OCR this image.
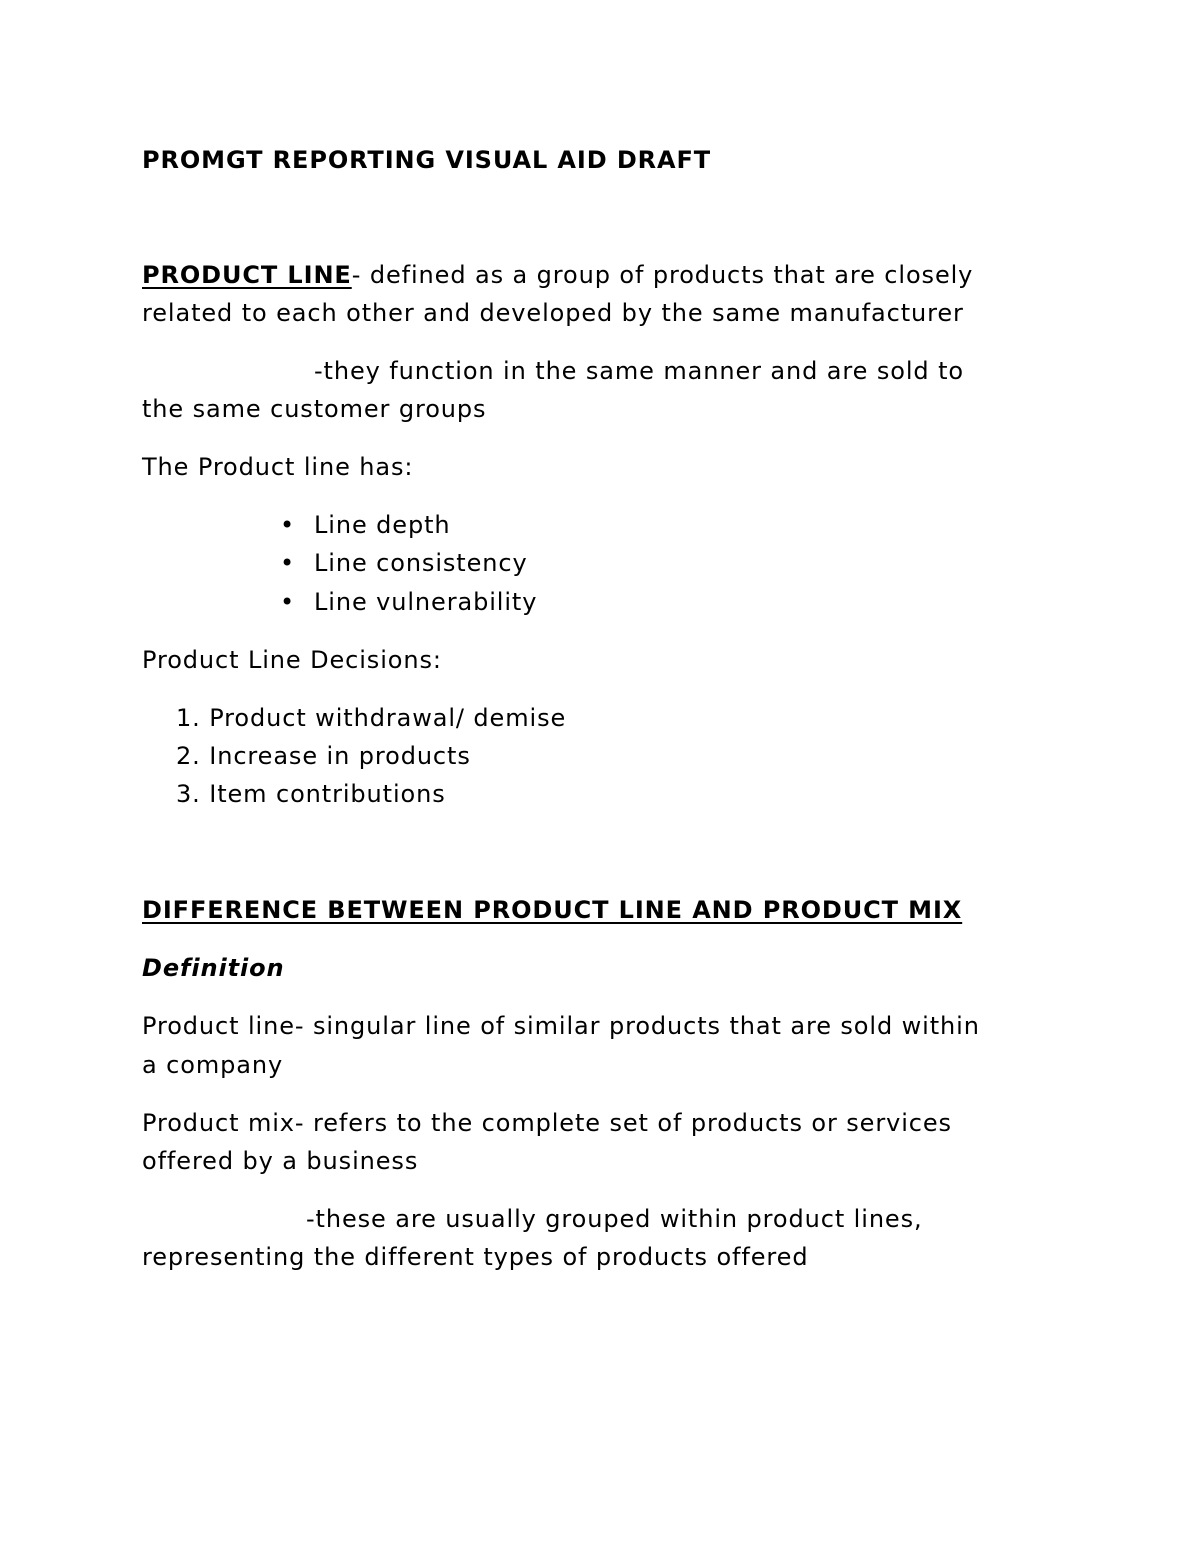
PROMGT REPORTING VISUAL AID DRAFT
PRODUCT LINE- defined as a group of products that are closely
related to each other and developed by the same manufacturer
-they function in the same manner and are sold to
the same customer groups
The Product line has:
• Line depth
• Line consistency
• Line vulnerability
Product Line Decisions:
1. Product withdrawal/ demise
2. Increase in products
3. Item contributions
DIFFERENCE BETWEEN PRODUCT LINE AND PRODUCT MIX
Definition
Product line- singular line of similar products that are sold within
a company
Product mix- refers to the complete set of products or services
offered by a business
-these are usually grouped within product lines,
representing the different types of products offered
